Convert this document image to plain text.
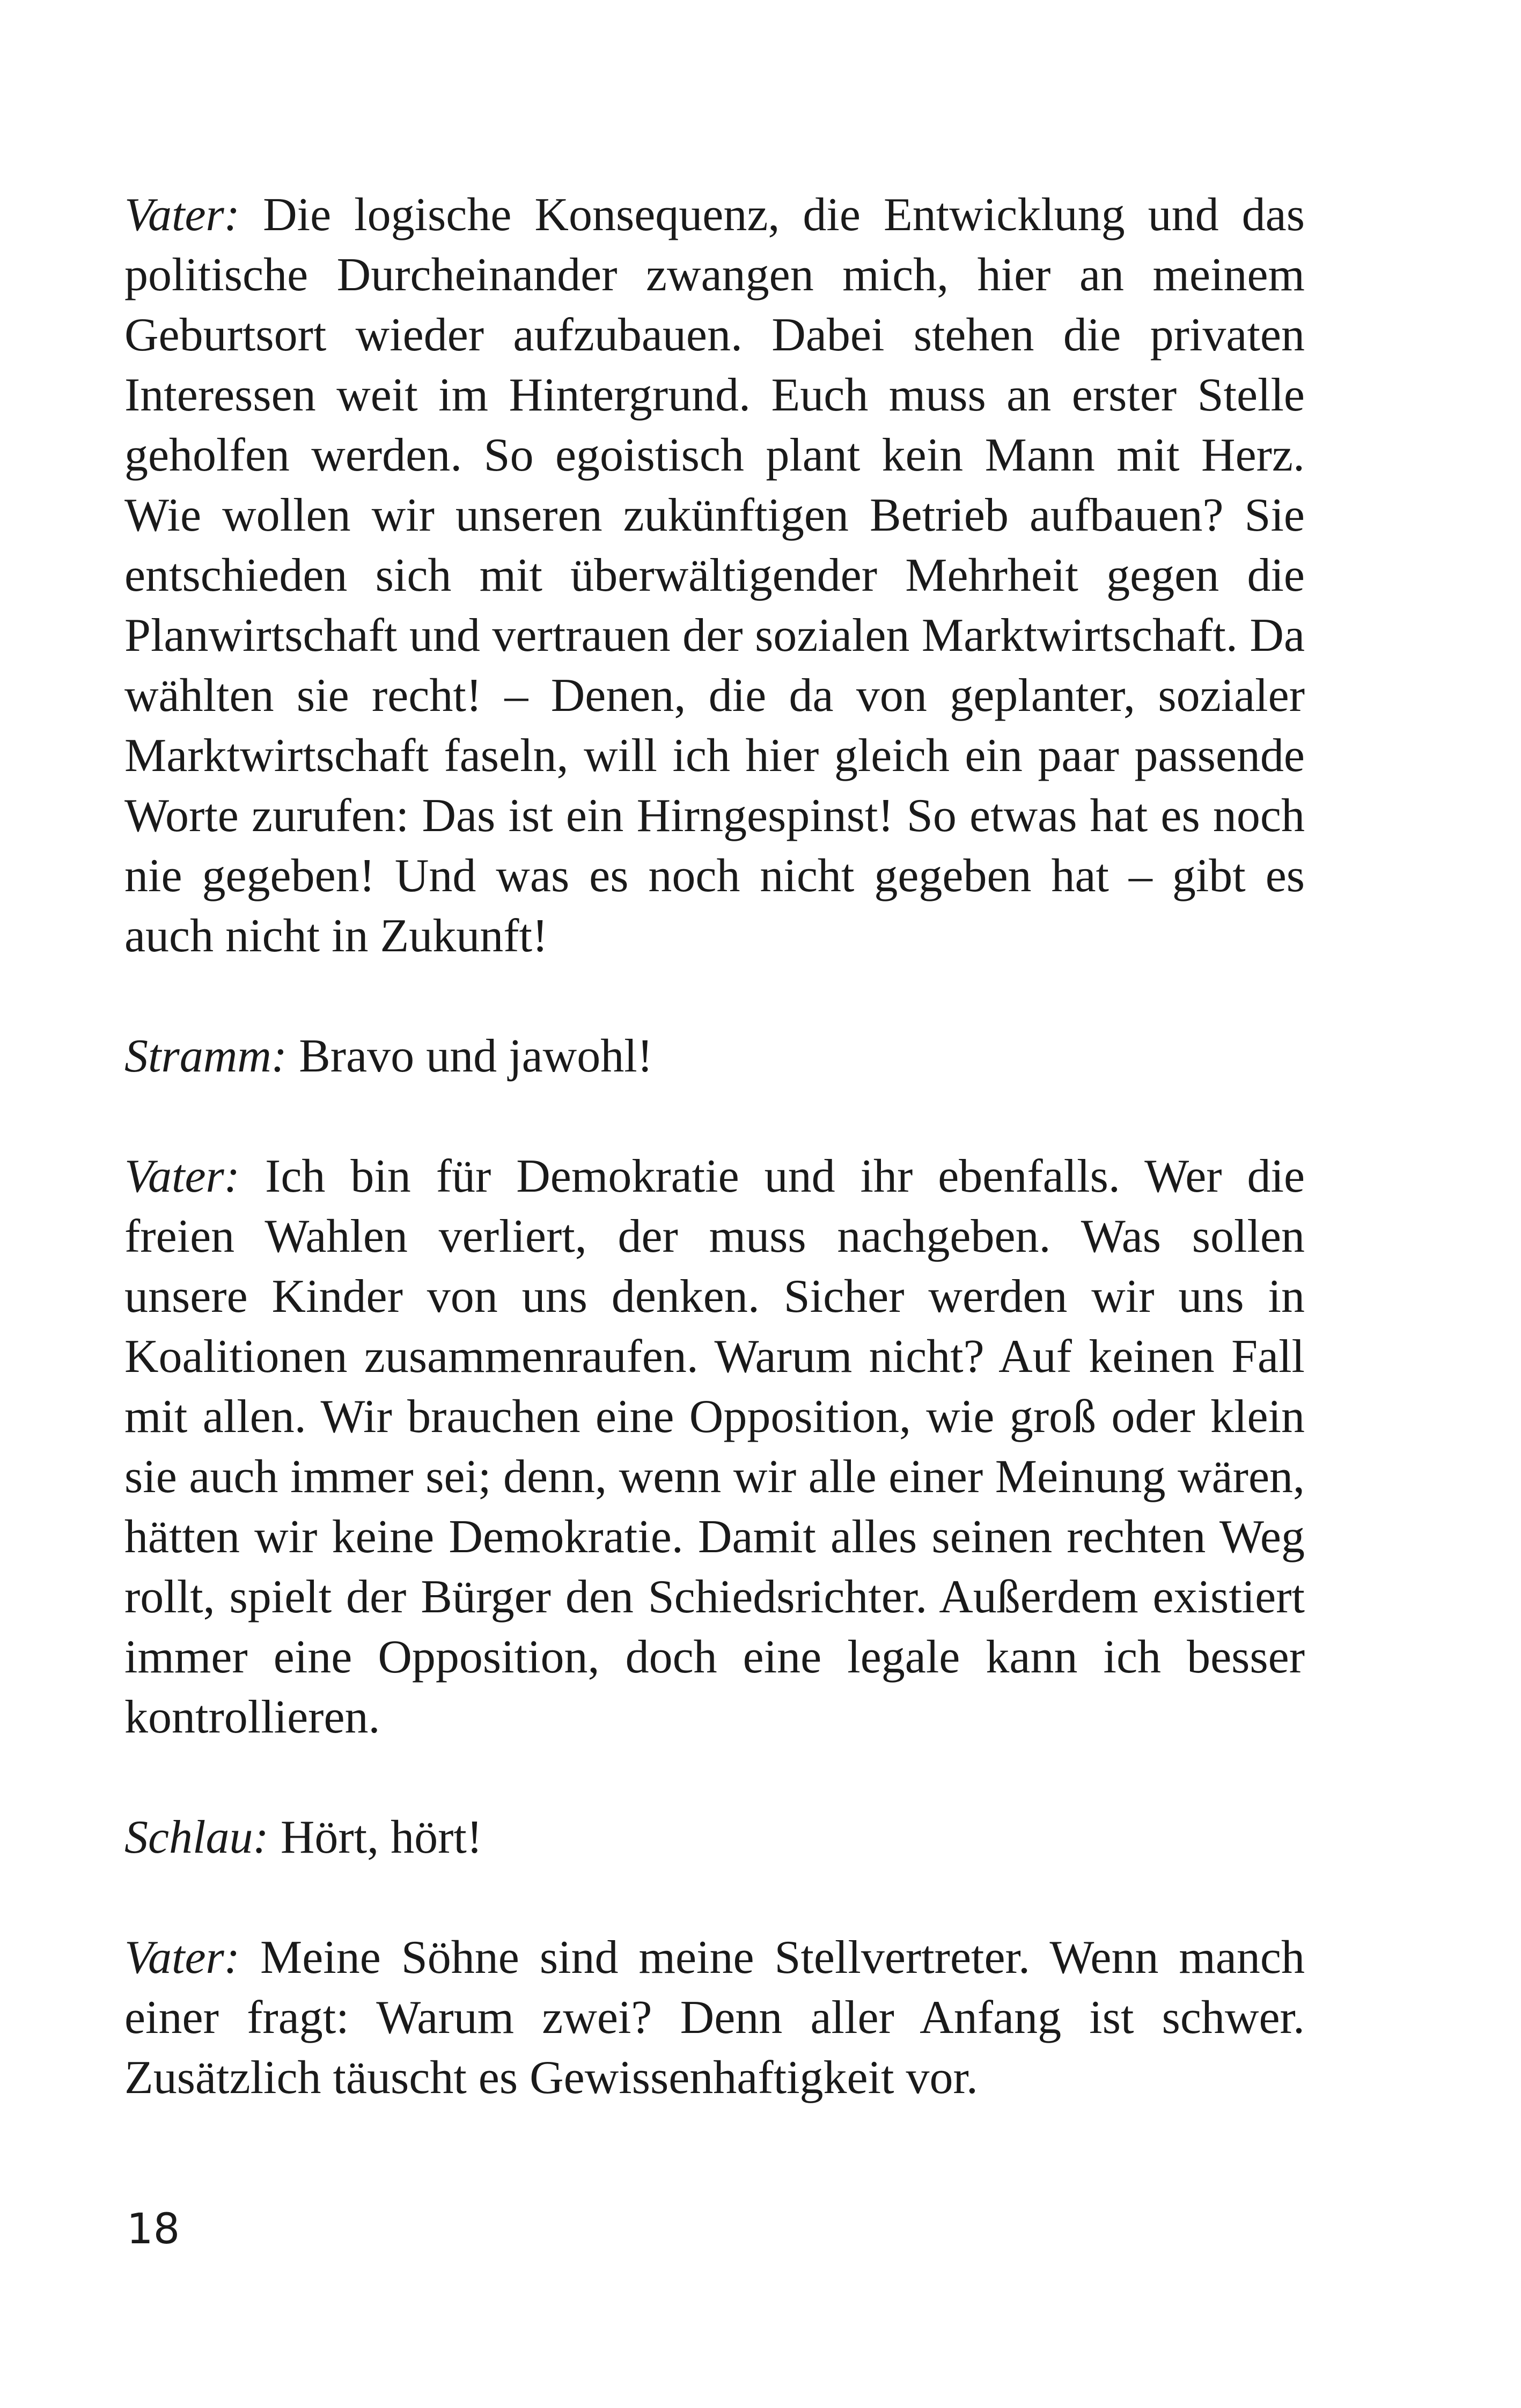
Vater: Die logische Konsequenz, die Entwicklung und das politische Durcheinander zwangen mich, hier an meinem Geburtsort wieder aufzubauen. Dabei stehen die privaten Interessen weit im Hintergrund. Euch muss an erster Stelle geholfen werden. So egoistisch plant kein Mann mit Herz. Wie wollen wir unseren zukünftigen Betrieb aufbauen? Sie entschieden sich mit überwältigender Mehrheit gegen die Planwirtschaft und vertrauen der sozialen Marktwirtschaft. Da wählten sie recht! – Denen, die da von geplanter, sozialer Marktwirtschaft faseln, will ich hier gleich ein paar passende Worte zurufen: Das ist ein Hirngespinst! So etwas hat es noch nie gegeben! Und was es noch nicht gegeben hat – gibt es auch nicht in Zukunft!

Stramm: Bravo und jawohl!

Vater: Ich bin für Demokratie und ihr ebenfalls. Wer die freien Wahlen verliert, der muss nachgeben. Was sollen unsere Kinder von uns denken. Sicher werden wir uns in Koalitionen zusammenraufen. Warum nicht? Auf keinen Fall mit allen. Wir brauchen eine Opposition, wie groß oder klein sie auch immer sei; denn, wenn wir alle einer Meinung wären, hätten wir keine Demokratie. Damit alles seinen rechten Weg rollt, spielt der Bürger den Schiedsrichter. Außerdem existiert immer eine Opposition, doch eine legale kann ich besser kontrollieren.

Schlau: Hört, hört!

Vater: Meine Söhne sind meine Stellvertreter. Wenn manch einer fragt: Warum zwei? Denn aller Anfang ist schwer. Zusätzlich täuscht es Gewissenhaftigkeit vor.

18
